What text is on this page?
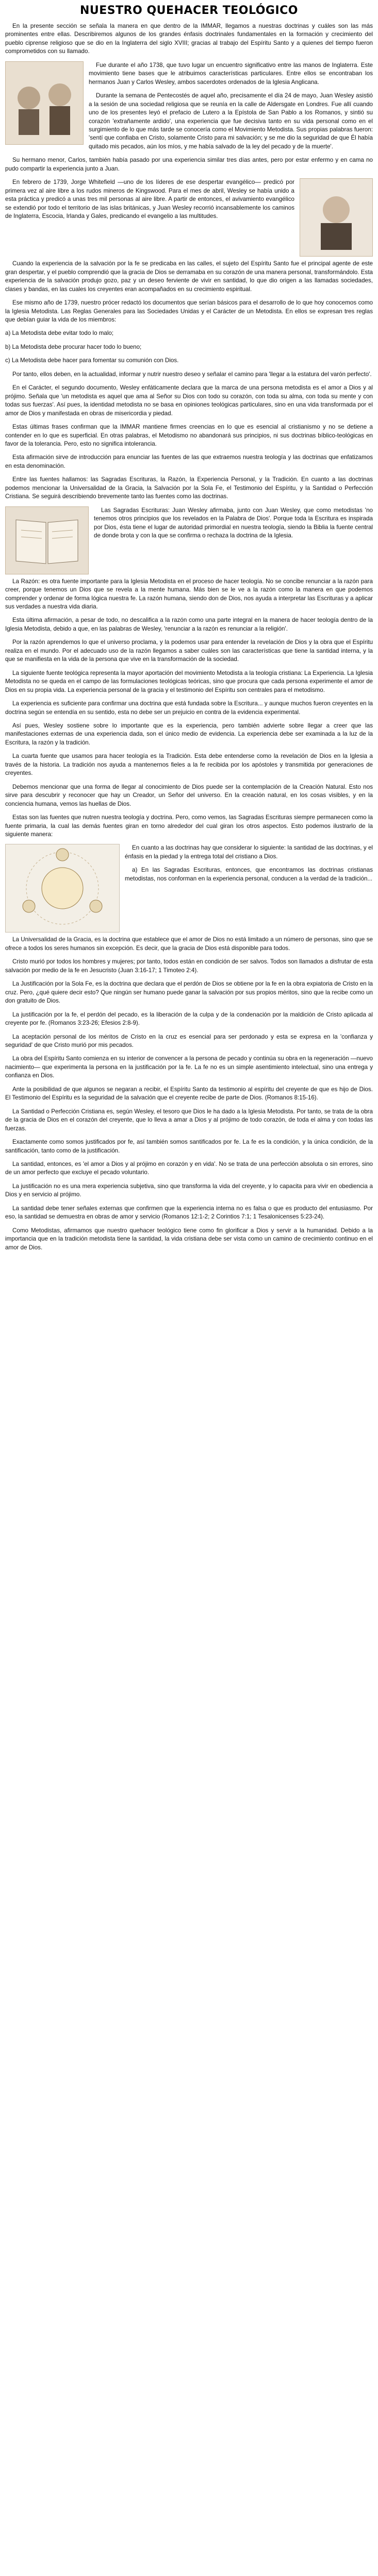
NUESTRO QUEHACER TEOLÓGICO

En la presente sección se señala la manera en que dentro de la IMMAR, llegamos a nuestras doctrinas y cuáles son las más prominentes entre ellas. Describiremos algunos de los grandes énfasis doctrinales fundamentales en la formación y crecimiento del pueblo ciprense religioso que se dio en la Inglaterra del siglo XVIII; gracias al trabajo del Espíritu Santo y a quienes del tiempo fueron comprometidos con su llamado.

Fue durante el año 1738, que tuvo lugar un encuentro significativo entre las manos de Inglaterra. Este movimiento tiene bases que le atribuimos características particulares. Entre ellos se encontraban los hermanos Juan y Carlos Wesley, ambos sacerdotes ordenados de la Iglesia Anglicana.

Durante la semana de Pentecostés de aquel año, precisamente el día 24 de mayo, Juan Wesley asistió a la sesión de una sociedad religiosa que se reunía en la calle de Aldersgate en Londres. Fue allí cuando uno de los presentes leyó el prefacio de Lutero a la Epístola de San Pablo a los Romanos, y sintió su corazón 'extrañamente ardido', una experiencia que fue decisiva tanto en su vida personal como en el surgimiento de lo que más tarde se conocería como el Movimiento Metodista. Sus propias palabras fueron: 'sentí que confiaba en Cristo, solamente Cristo para mi salvación; y se me dio la seguridad de que Él había quitado mis pecados, aún los míos, y me había salvado de la ley del pecado y de la muerte'.

Su hermano menor, Carlos, también había pasado por una experiencia similar tres días antes, pero por estar enfermo y en cama no pudo compartir la experiencia junto a Juan.

En febrero de 1739, Jorge Whitefield —uno de los líderes de ese despertar evangélico— predicó por primera vez al aire libre a los rudos mineros de Kingswood. Para el mes de abril, Wesley se había unido a esta práctica y predicó a unas tres mil personas al aire libre. A partir de entonces, el avivamiento evangélico se extendió por todo el territorio de las islas británicas, y Juan Wesley recorrió incansablemente los caminos de Inglaterra, Escocia, Irlanda y Gales, predicando el evangelio a las multitudes.

Cuando la experiencia de la salvación por la fe se predicaba en las calles, el sujeto del Espíritu Santo fue el principal agente de este gran despertar, y el pueblo comprendió que la gracia de Dios se derramaba en su corazón de una manera personal, transformándolo. Esta experiencia de la salvación produjo gozo, paz y un deseo ferviente de vivir en santidad, lo que dio origen a las llamadas sociedades, clases y bandas, en las cuales los creyentes eran acompañados en su crecimiento espiritual.

Ese mismo año de 1739, nuestro prócer redactó los documentos que serían básicos para el desarrollo de lo que hoy conocemos como la Iglesia Metodista. Las Reglas Generales para las Sociedades Unidas y el Carácter de un Metodista. En ellos se expresan tres reglas que debían guiar la vida de los miembros:

a) La Metodista debe evitar todo lo malo;

b) La Metodista debe procurar hacer todo lo bueno;

c) La Metodista debe hacer para fomentar su comunión con Dios.

Por tanto, ellos deben, en la actualidad, informar y nutrir nuestro deseo y señalar el camino para 'llegar a la estatura del varón perfecto'.

En el Carácter, el segundo documento, Wesley enfáticamente declara que la marca de una persona metodista es el amor a Dios y al prójimo. Señala que 'un metodista es aquel que ama al Señor su Dios con todo su corazón, con toda su alma, con toda su mente y con todas sus fuerzas'. Así pues, la identidad metodista no se basa en opiniones teológicas particulares, sino en una vida transformada por el amor de Dios y manifestada en obras de misericordia y piedad.

Estas últimas frases confirman que la IMMAR mantiene firmes creencias en lo que es esencial al cristianismo y no se detiene a contender en lo que es superficial. En otras palabras, el Metodismo no abandonará sus principios, ni sus doctrinas bíblico-teológicas en favor de la tolerancia. Pero, esto no significa intolerancia.

Esta afirmación sirve de introducción para enunciar las fuentes de las que extraemos nuestra teología y las doctrinas que enfatizamos en esta denominación.

Entre las fuentes hallamos: las Sagradas Escrituras, la Razón, la Experiencia Personal, y la Tradición. En cuanto a las doctrinas podemos mencionar la Universalidad de la Gracia, la Salvación por la Sola Fe, el Testimonio del Espíritu, y la Santidad o Perfección Cristiana. Se seguirá describiendo brevemente tanto las fuentes como las doctrinas.

Las Sagradas Escrituras: Juan Wesley afirmaba, junto con Juan Wesley, que como metodistas 'no tenemos otros principios que los revelados en la Palabra de Dios'. Porque toda la Escritura es inspirada por Dios, ésta tiene el lugar de autoridad primordial en nuestra teología, siendo la Biblia la fuente central de donde brota y con la que se confirma o rechaza la doctrina de la Iglesia.

La Razón: es otra fuente importante para la Iglesia Metodista en el proceso de hacer teología. No se concibe renunciar a la razón para creer, porque tenemos un Dios que se revela a la mente humana. Más bien se le ve a la razón como la manera en que podemos comprender y ordenar de forma lógica nuestra fe. La razón humana, siendo don de Dios, nos ayuda a interpretar las Escrituras y a aplicar sus verdades a nuestra vida diaria.

Esta última afirmación, a pesar de todo, no descalifica a la razón como una parte integral en la manera de hacer teología dentro de la Iglesia Metodista, debido a que, en las palabras de Wesley, 'renunciar a la razón es renunciar a la religión'.

Por la razón aprendemos lo que el universo proclama, y la podemos usar para entender la revelación de Dios y la obra que el Espíritu realiza en el mundo. Por el adecuado uso de la razón llegamos a saber cuáles son las características que tiene la santidad interna, y la que se manifiesta en la vida de la persona que vive en la transformación de la sociedad.

La siguiente fuente teológica representa la mayor aportación del movimiento Metodista a la teología cristiana: La Experiencia. La Iglesia Metodista no se queda en el campo de las formulaciones teológicas teóricas, sino que procura que cada persona experimente el amor de Dios en su propia vida. La experiencia personal de la gracia y el testimonio del Espíritu son centrales para el metodismo.

La experiencia es suficiente para confirmar una doctrina que está fundada sobre la Escritura... y aunque muchos fueron creyentes en la doctrina según se entendía en su sentido, esta no debe ser un prejuicio en contra de la evidencia experimental.

Así pues, Wesley sostiene sobre lo importante que es la experiencia, pero también advierte sobre llegar a creer que las manifestaciones externas de una experiencia dada, son el único medio de evidencia. La experiencia debe ser examinada a la luz de la Escritura, la razón y la tradición.

La cuarta fuente que usamos para hacer teología es la Tradición. Esta debe entenderse como la revelación de Dios en la Iglesia a través de la historia. La tradición nos ayuda a mantenernos fieles a la fe recibida por los apóstoles y transmitida por generaciones de creyentes.

Debemos mencionar que una forma de llegar al conocimiento de Dios puede ser la contemplación de la Creación Natural. Esto nos sirve para descubrir y reconocer que hay un Creador, un Señor del universo. En la creación natural, en los cosas visibles, y en la conciencia humana, vemos las huellas de Dios.

Estas son las fuentes que nutren nuestra teología y doctrina. Pero, como vemos, las Sagradas Escrituras siempre permanecen como la fuente primaria, la cual las demás fuentes giran en torno alrededor del cual giran los otros aspectos. Esto podemos ilustrarlo de la siguiente manera:

En cuanto a las doctrinas hay que considerar lo siguiente: la santidad de las doctrinas, y el énfasis en la piedad y la entrega total del cristiano a Dios.

a) En las Sagradas Escrituras, entonces, que encontramos las doctrinas cristianas metodistas, nos conforman en la experiencia personal, conducen a la verdad de la tradición...

La Universalidad de la Gracia, es la doctrina que establece que el amor de Dios no está limitado a un número de personas, sino que se ofrece a todos los seres humanos sin excepción. Es decir, que la gracia de Dios está disponible para todos.

Cristo murió por todos los hombres y mujeres; por tanto, todos están en condición de ser salvos. Todos son llamados a disfrutar de esta salvación por medio de la fe en Jesucristo (Juan 3:16-17; 1 Timoteo 2:4).

La Justificación por la Sola Fe, es la doctrina que declara que el perdón de Dios se obtiene por la fe en la obra expiatoria de Cristo en la cruz. Pero, ¿qué quiere decir esto? Que ningún ser humano puede ganar la salvación por sus propios méritos, sino que la recibe como un don gratuito de Dios.

La justificación por la fe, el perdón del pecado, es la liberación de la culpa y de la condenación por la maldición de Cristo aplicada al creyente por fe. (Romanos 3:23-26; Efesios 2:8-9).

La aceptación personal de los méritos de Cristo en la cruz es esencial para ser perdonado y esta se expresa en la 'confianza y seguridad' de que Cristo murió por mis pecados.

La obra del Espíritu Santo comienza en su interior de convencer a la persona de pecado y continúa su obra en la regeneración —nuevo nacimiento— que experimenta la persona en la justificación por la fe. La fe no es un simple asentimiento intelectual, sino una entrega y confianza en Dios.

Ante la posibilidad de que algunos se negaran a recibir, el Espíritu Santo da testimonio al espíritu del creyente de que es hijo de Dios. El Testimonio del Espíritu es la seguridad de la salvación que el creyente recibe de parte de Dios. (Romanos 8:15-16).

La Santidad o Perfección Cristiana es, según Wesley, el tesoro que Dios le ha dado a la Iglesia Metodista. Por tanto, se trata de la obra de la gracia de Dios en el corazón del creyente, que lo lleva a amar a Dios y al prójimo de todo corazón, de toda el alma y con todas las fuerzas.

Exactamente como somos justificados por fe, así también somos santificados por fe. La fe es la condición, y la única condición, de la santificación, tanto como de la justificación.

La santidad, entonces, es 'el amor a Dios y al prójimo en corazón y en vida'. No se trata de una perfección absoluta o sin errores, sino de un amor perfecto que excluye el pecado voluntario.

La justificación no es una mera experiencia subjetiva, sino que transforma la vida del creyente, y lo capacita para vivir en obediencia a Dios y en servicio al prójimo.

La santidad debe tener señales externas que confirmen que la experiencia interna no es falsa o que es producto del entusiasmo. Por eso, la santidad se demuestra en obras de amor y servicio (Romanos 12:1-2; 2 Corintios 7:1; 1 Tesalonicenses 5:23-24).

Como Metodistas, afirmamos que nuestro quehacer teológico tiene como fin glorificar a Dios y servir a la humanidad. Debido a la importancia que en la tradición metodista tiene la santidad, la vida cristiana debe ser vista como un camino de crecimiento continuo en el amor de Dios.
